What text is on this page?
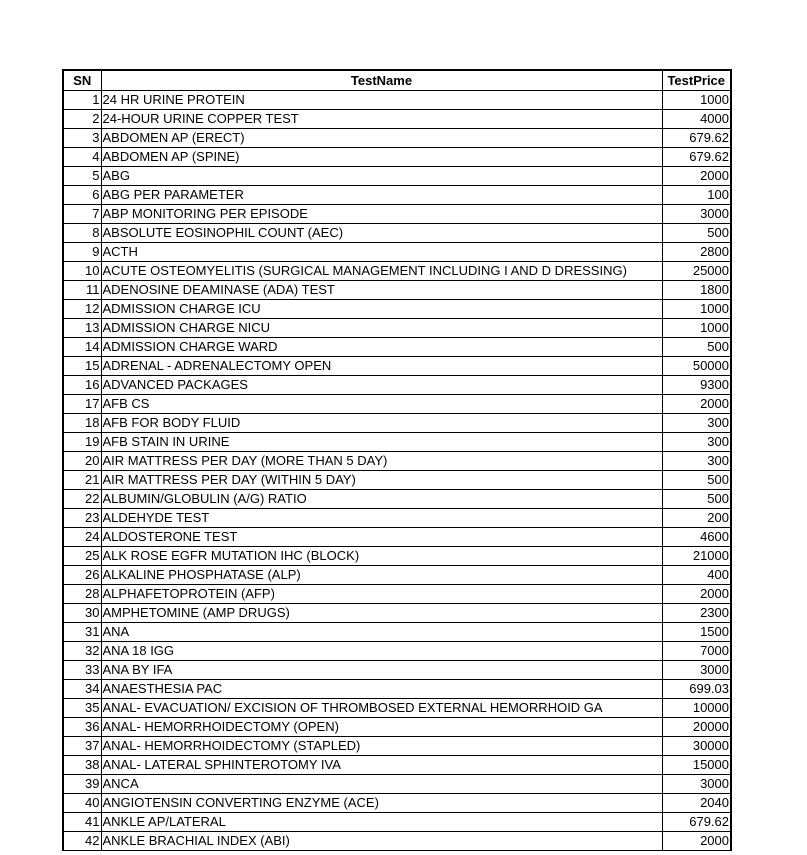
SN	TestName	TestPrice
1	24 HR URINE PROTEIN	1000
2	24-HOUR URINE COPPER TEST	4000
3	ABDOMEN AP (ERECT)	679.62
4	ABDOMEN AP (SPINE)	679.62
5	ABG	2000
6	ABG PER PARAMETER	100
7	ABP MONITORING PER EPISODE	3000
8	ABSOLUTE EOSINOPHIL COUNT (AEC)	500
9	ACTH	2800
10	ACUTE OSTEOMYELITIS (SURGICAL MANAGEMENT INCLUDING I AND D DRESSING)	25000
11	ADENOSINE DEAMINASE (ADA) TEST	1800
12	ADMISSION CHARGE ICU	1000
13	ADMISSION CHARGE NICU	1000
14	ADMISSION CHARGE WARD	500
15	ADRENAL - ADRENALECTOMY OPEN	50000
16	ADVANCED PACKAGES	9300
17	AFB CS	2000
18	AFB FOR BODY FLUID	300
19	AFB STAIN IN URINE	300
20	AIR MATTRESS PER DAY (MORE THAN 5 DAY)	300
21	AIR MATTRESS PER DAY (WITHIN 5 DAY)	500
22	ALBUMIN/GLOBULIN (A/G) RATIO	500
23	ALDEHYDE TEST	200
24	ALDOSTERONE TEST	4600
25	ALK ROSE EGFR MUTATION IHC (BLOCK)	21000
26	ALKALINE PHOSPHATASE (ALP)	400
28	ALPHAFETOPROTEIN (AFP)	2000
30	AMPHETOMINE (AMP DRUGS)	2300
31	ANA	1500
32	ANA 18 IGG	7000
33	ANA BY IFA	3000
34	ANAESTHESIA PAC	699.03
35	ANAL- EVACUATION/ EXCISION OF THROMBOSED EXTERNAL HEMORRHOID GA	10000
36	ANAL- HEMORRHOIDECTOMY (OPEN)	20000
37	ANAL- HEMORRHOIDECTOMY (STAPLED)	30000
38	ANAL- LATERAL SPHINTEROTOMY IVA	15000
39	ANCA	3000
40	ANGIOTENSIN CONVERTING ENZYME (ACE)	2040
41	ANKLE AP/LATERAL	679.62
42	ANKLE BRACHIAL INDEX (ABI)	2000
